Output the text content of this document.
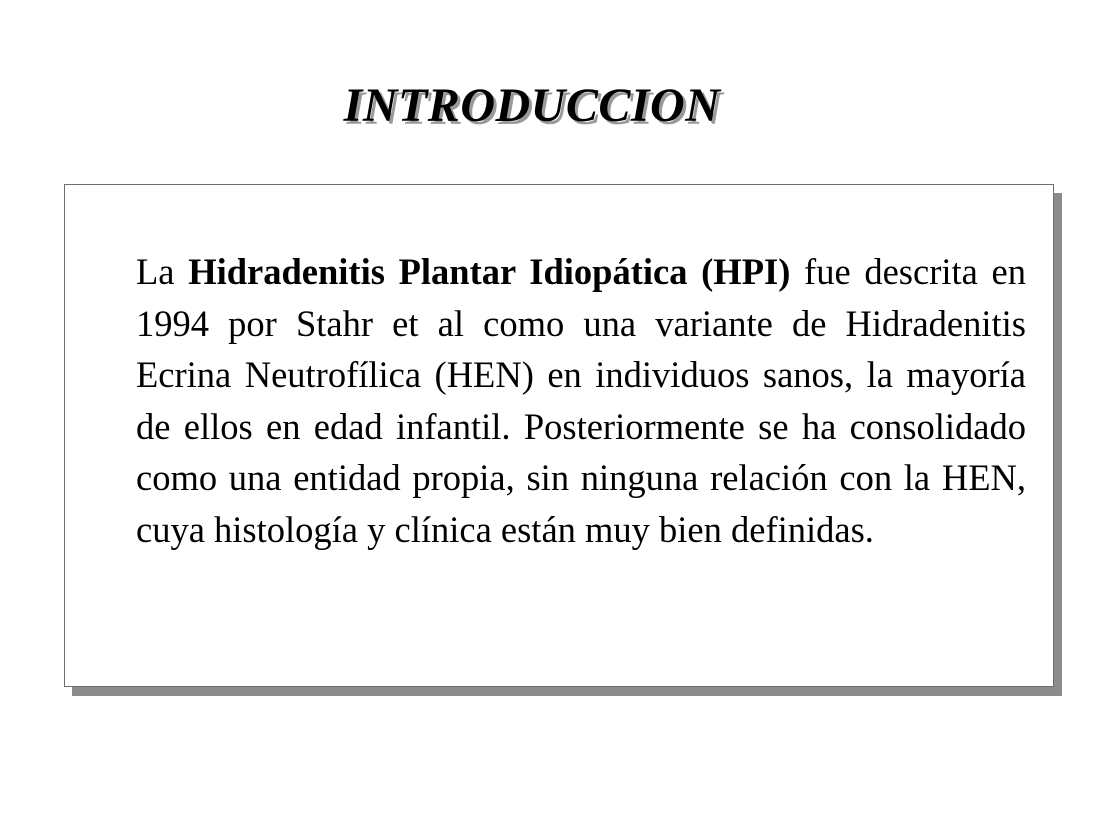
INTRODUCCION

La Hidradenitis Plantar Idiopática (HPI) fue descrita en 1994 por Stahr et al como una variante de Hidradenitis Ecrina Neutrofílica (HEN) en individuos sanos, la mayoría de ellos en edad infantil. Posteriormente se ha consolidado como una entidad propia, sin ninguna relación con la HEN, cuya histología y clínica están muy bien definidas.
